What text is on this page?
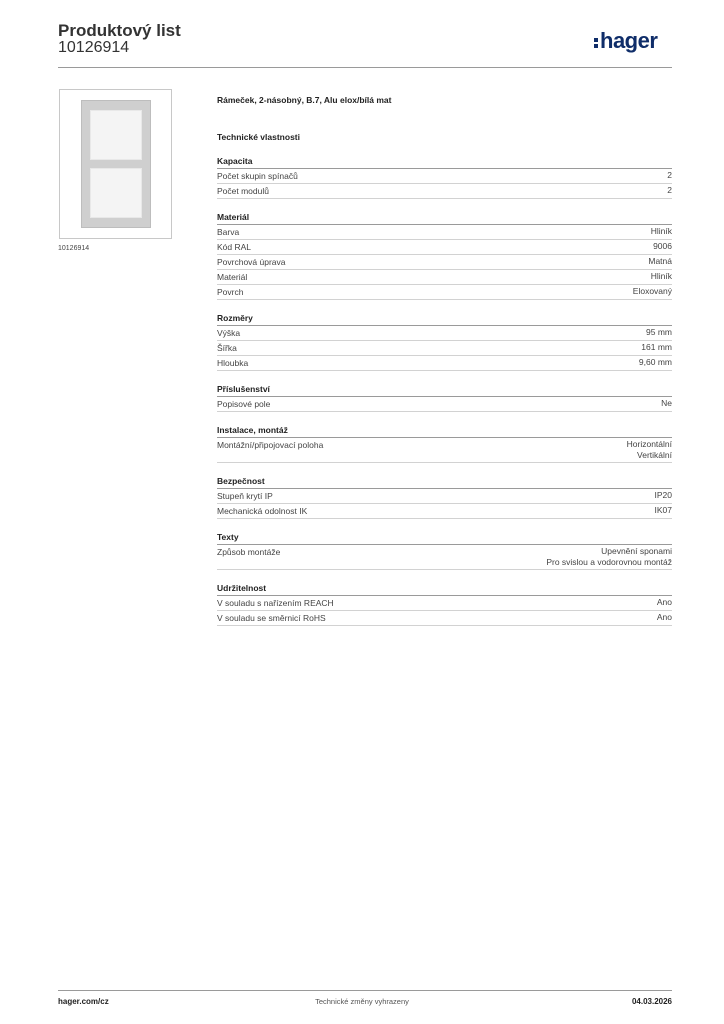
Produktový list
10126914	hager
10126914
Rámeček, 2-násobný, B.7, Alu elox/bílá mat
Technické vlastnosti
Kapacita
Počet skupin spínačů	2
Počet modulů	2
Materiál
Barva	Hliník
Kód RAL	9006
Povrchová úprava	Matná
Materiál	Hliník
Povrch	Eloxovaný
Rozměry
Výška	95 mm
Šířka	161 mm
Hloubka	9,60 mm
Příslušenství
Popisové pole	Ne
Instalace, montáž
Montážní/připojovací poloha	Horizontální
Vertikální
Bezpečnost
Stupeň krytí IP	IP20
Mechanická odolnost IK	IK07
Texty
Způsob montáže	Upevnění sponami
Pro svislou a vodorovnou montáž
Udržitelnost
V souladu s nařízením REACH	Ano
V souladu se směrnicí RoHS	Ano
hager.com/cz	Technické změny vyhrazeny	04.03.2026
